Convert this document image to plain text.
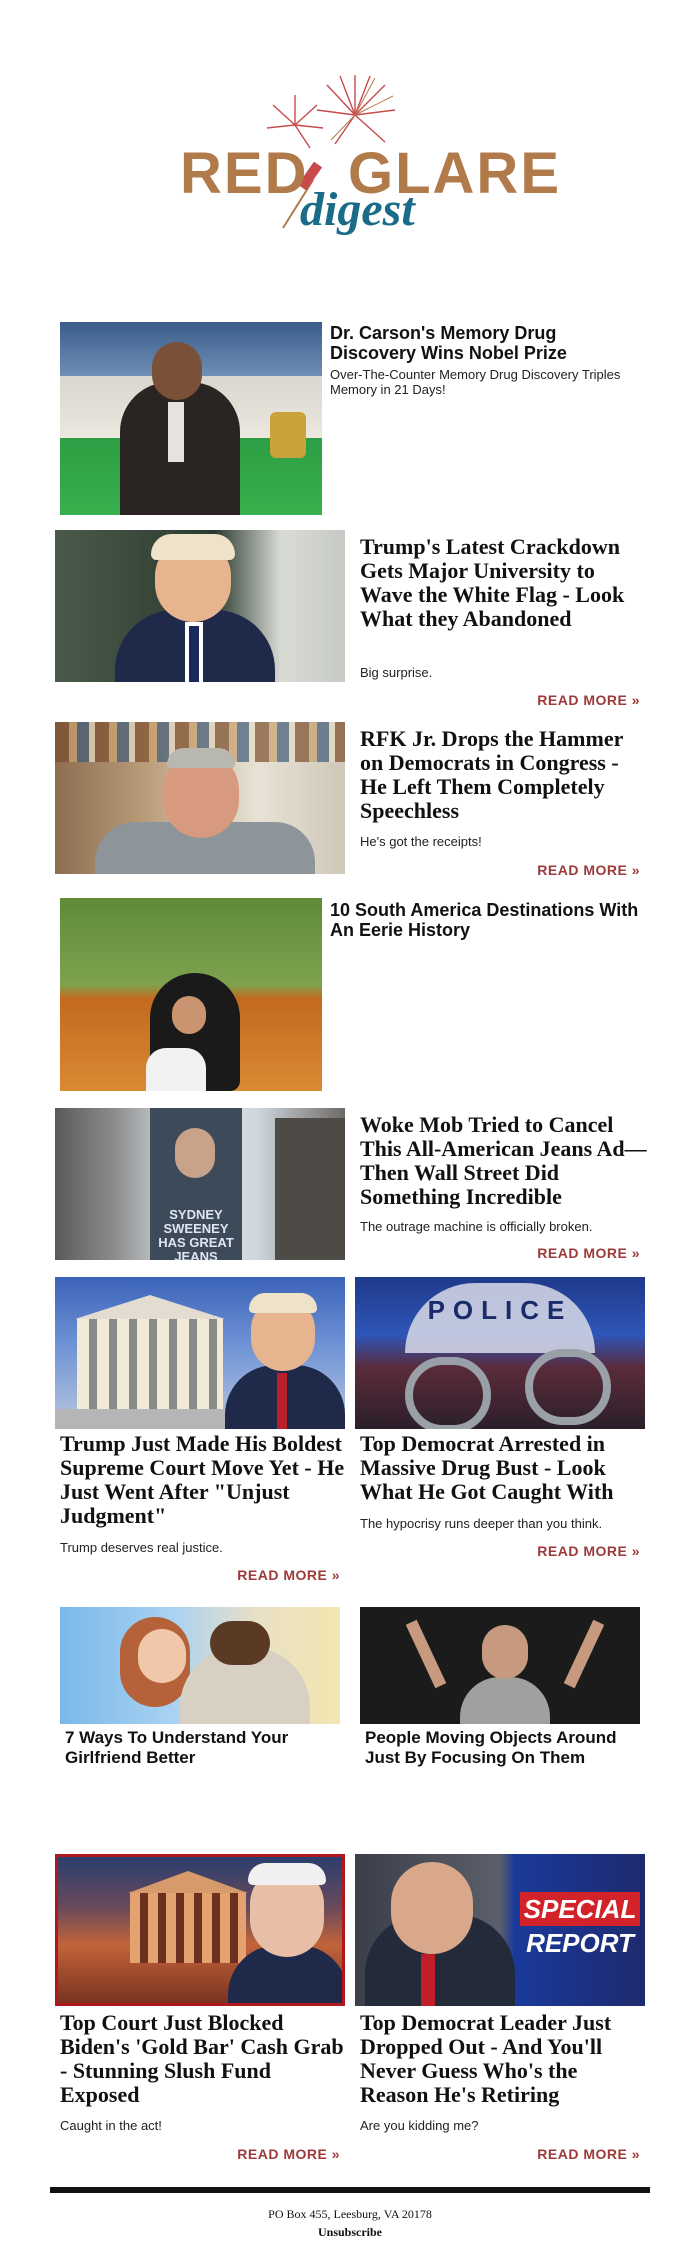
RED GLARE
digest
Dr. Carson's Memory Drug Discovery Wins Nobel Prize
Over-The-Counter Memory Drug Discovery Triples Memory in 21 Days!
Trump's Latest Crackdown Gets Major University to Wave the White Flag - Look What they Abandoned
Big surprise.
READ MORE »
RFK Jr. Drops the Hammer on Democrats in Congress - He Left Them Completely Speechless
He's got the receipts!
READ MORE »
10 South America Destinations With An Eerie History
SYDNEY SWEENEY HAS GREAT JEANS
Woke Mob Tried to Cancel This All-American Jeans Ad—Then Wall Street Did Something Incredible
The outrage machine is officially broken.
READ MORE »
Trump Just Made His Boldest Supreme Court Move Yet - He Just Went After "Unjust Judgment"
Trump deserves real justice.
READ MORE »
POLICE
Top Democrat Arrested in Massive Drug Bust - Look What He Got Caught With
The hypocrisy runs deeper than you think.
READ MORE »
7 Ways To Understand Your Girlfriend Better
People Moving Objects Around Just By Focusing On Them
Top Court Just Blocked Biden's 'Gold Bar' Cash Grab - Stunning Slush Fund Exposed
Caught in the act!
READ MORE »
SPECIAL
REPORT
Top Democrat Leader Just Dropped Out - And You'll Never Guess Who's the Reason He's Retiring
Are you kidding me?
READ MORE »
PO Box 455, Leesburg, VA 20178
Unsubscribe
